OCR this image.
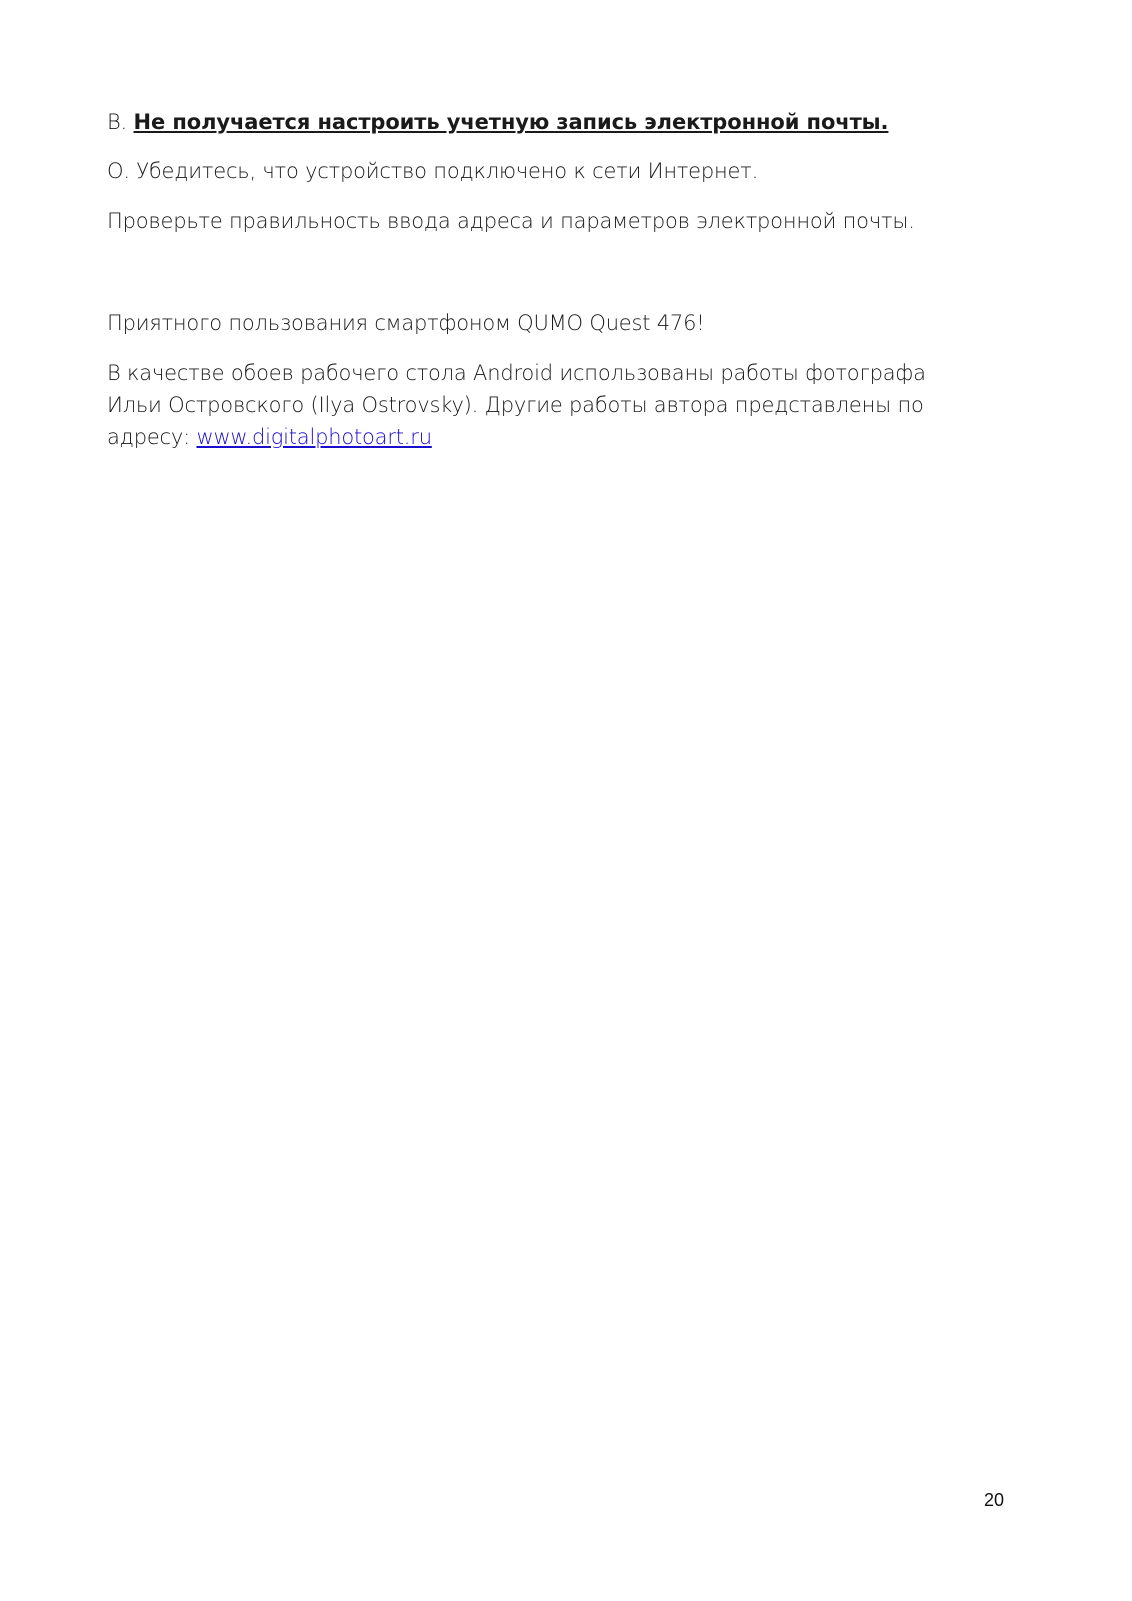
В. Не получается настроить учетную запись электронной почты.

О. Убедитесь, что устройство подключено к сети Интернет.

Проверьте правильность ввода адреса и параметров электронной почты.

Приятного пользования смартфоном QUMO Quest 476!

В качестве обоев рабочего стола Android использованы работы фотографа
Ильи Островского (Ilya Ostrovsky). Другие работы автора представлены по
адресу: www.digitalphotoart.ru

20
